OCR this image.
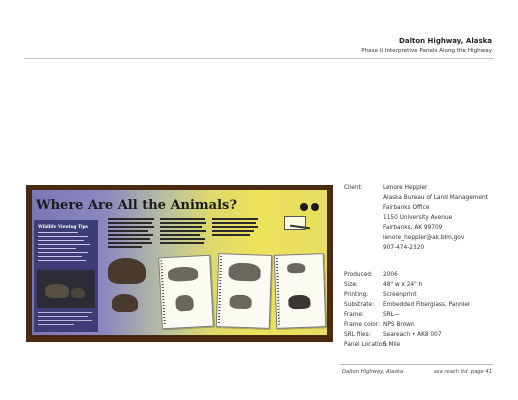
Dalton Highway, Alaska
Phase II Interpretive Panels Along the Highway
Where Are All the Animals?
Wildlife Viewing Tips
Client:	Lenore Heppler
Alaska Bureau of Land Management
Fairbanks Office
1150 University Avenue
Fairbanks, AK 99709
lenore_heppler@ak.blm.gov
907-474-2320
Produced: 2006
Size:	48" w x 24" h
Printing:	Screenprint
Substrate: Embedded Fiberglass, Pannier
Frame:	SRL—
Frame color: NPS Brown
SRL files: Seareach • AK8 007
Panel Location:
5 Mile
Dalton Highway, Alaska	sea reach ltd. page 41
